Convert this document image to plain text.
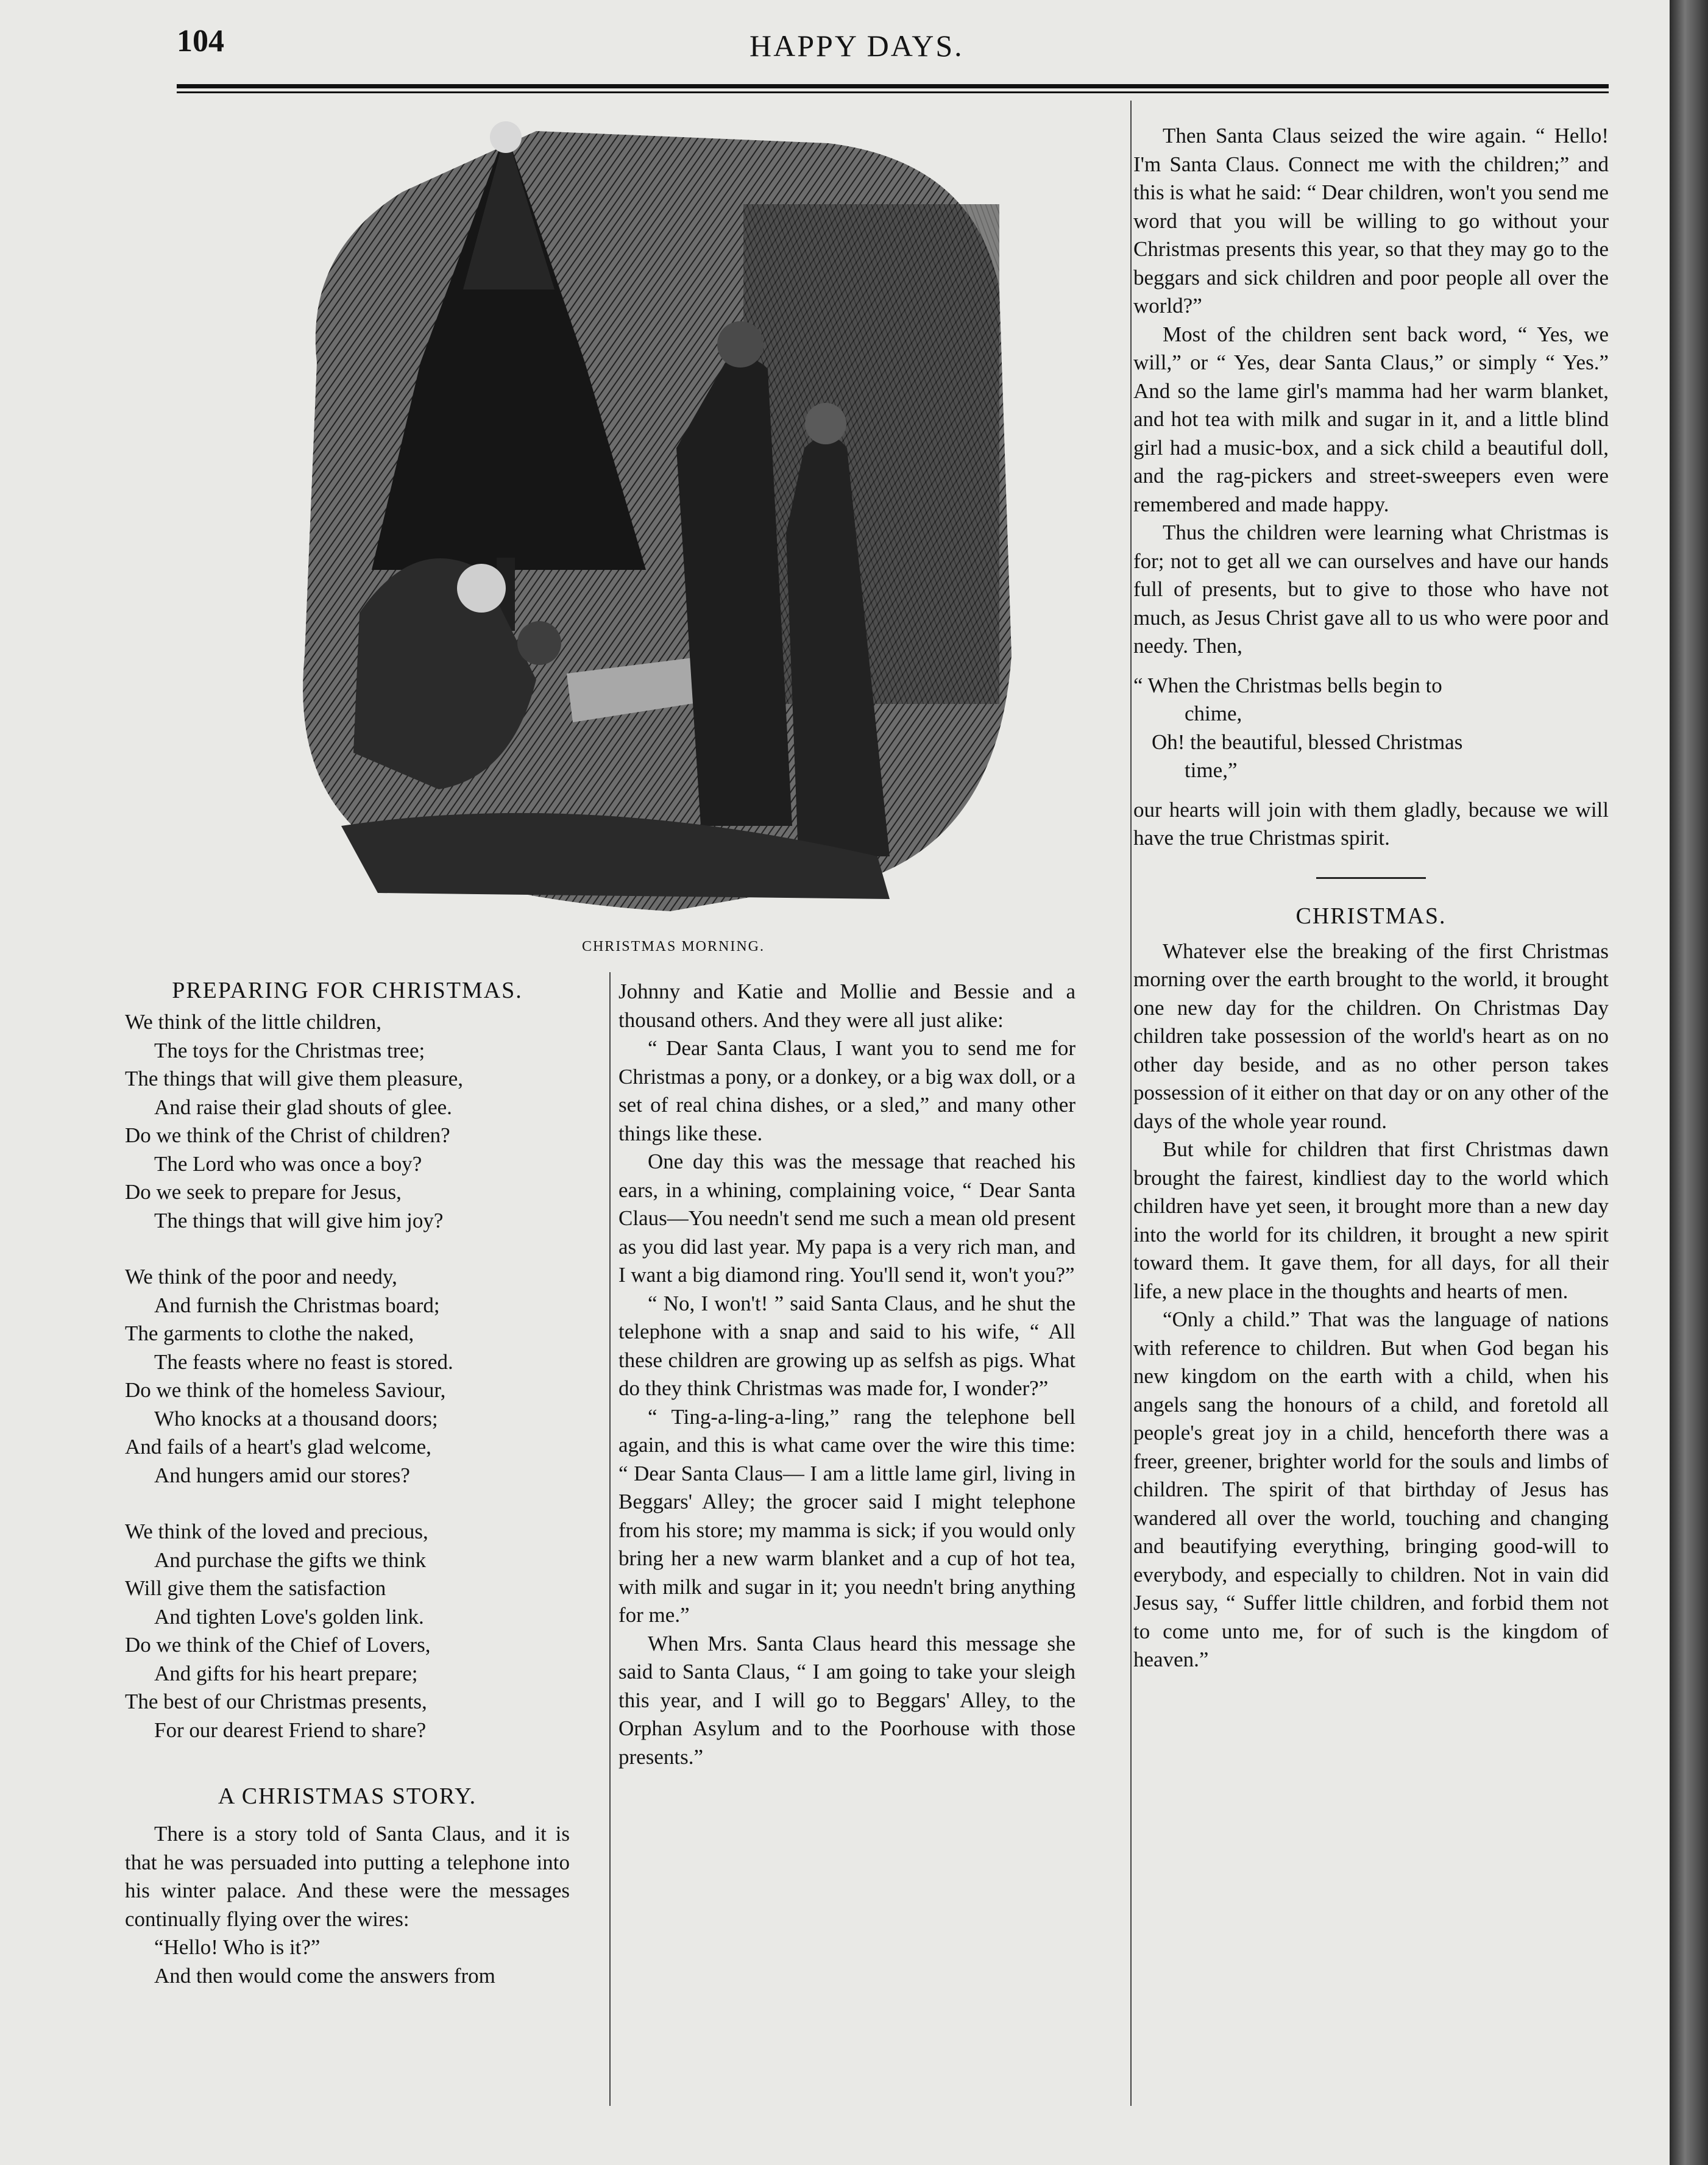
104	HAPPY DAYS.
CHRISTMAS MORNING.
PREPARING FOR CHRISTMAS.
We think of the little children,
The toys for the Christmas tree;
The things that will give them pleasure,
And raise their glad shouts of glee.
Do we think of the Christ of children?
The Lord who was once a boy?
Do we seek to prepare for Jesus,
The things that will give him joy?
We think of the poor and needy,
And furnish the Christmas board;
The garments to clothe the naked,
The feasts where no feast is stored.
Do we think of the homeless Saviour,
Who knocks at a thousand doors;
And fails of a heart's glad welcome,
And hungers amid our stores?
We think of the loved and precious,
And purchase the gifts we think
Will give them the satisfaction
And tighten Love's golden link.
Do we think of the Chief of Lovers,
And gifts for his heart prepare;
The best of our Christmas presents,
For our dearest Friend to share?
A CHRISTMAS STORY.

There is a story told of Santa Claus, and it is that he was persuaded into putting a telephone into his winter palace. And these were the messages continually flying over the wires:

“Hello! Who is it?”

And then would come the answers from

Johnny and Katie and Mollie and Bessie and a thousand others. And they were all just alike:

“ Dear Santa Claus, I want you to send me for Christmas a pony, or a donkey, or a big wax doll, or a set of real china dishes, or a sled,” and many other things like these.

One day this was the message that reached his ears, in a whining, complaining voice, “ Dear Santa Claus—You needn't send me such a mean old present as you did last year. My papa is a very rich man, and I want a big diamond ring. You'll send it, won't you?”

“ No, I won't! ” said Santa Claus, and he shut the telephone with a snap and said to his wife, “ All these children are growing up as selfsh as pigs. What do they think Christmas was made for, I wonder?”

“ Ting-a-ling-a-ling,” rang the telephone bell again, and this is what came over the wire this time: “ Dear Santa Claus— I am a little lame girl, living in Beggars' Alley; the grocer said I might telephone from his store; my mamma is sick; if you would only bring her a new warm blanket and a cup of hot tea, with milk and sugar in it; you needn't bring anything for me.”

When Mrs. Santa Claus heard this message she said to Santa Claus, “ I am going to take your sleigh this year, and I will go to Beggars' Alley, to the Orphan Asylum and to the Poorhouse with those presents.”

Then Santa Claus seized the wire again. “ Hello! I'm Santa Claus. Connect me with the children;” and this is what he said: “ Dear children, won't you send me word that you will be willing to go without your Christmas presents this year, so that they may go to the beggars and sick children and poor people all over the world?”

Most of the children sent back word, “ Yes, we will,” or “ Yes, dear Santa Claus,” or simply “ Yes.” And so the lame girl's mamma had her warm blanket, and hot tea with milk and sugar in it, and a little blind girl had a music-box, and a sick child a beautiful doll, and the rag-pickers and street-sweepers even were remembered and made happy.

Thus the children were learning what Christmas is for; not to get all we can ourselves and have our hands full of presents, but to give to those who have not much, as Jesus Christ gave all to us who were poor and needy. Then,

“ When the Christmas bells begin to
chime,
Oh! the beautiful, blessed Christmas
time,”

our hearts will join with them gladly, because we will have the true Christmas spirit.

CHRISTMAS.

Whatever else the breaking of the first Christmas morning over the earth brought to the world, it brought one new day for the children. On Christmas Day children take possession of the world's heart as on no other day beside, and as no other person takes possession of it either on that day or on any other of the days of the whole year round.

But while for children that first Christmas dawn brought the fairest, kindliest day to the world which children have yet seen, it brought more than a new day into the world for its children, it brought a new spirit toward them. It gave them, for all days, for all their life, a new place in the thoughts and hearts of men.

“Only a child.” That was the language of nations with reference to children. But when God began his new kingdom on the earth with a child, when his angels sang the honours of a child, and foretold all people's great joy in a child, henceforth there was a freer, greener, brighter world for the souls and limbs of children. The spirit of that birthday of Jesus has wandered all over the world, touching and changing and beautifying everything, bringing good-will to everybody, and especially to children. Not in vain did Jesus say, “ Suffer little children, and forbid them not to come unto me, for of such is the kingdom of heaven.”
